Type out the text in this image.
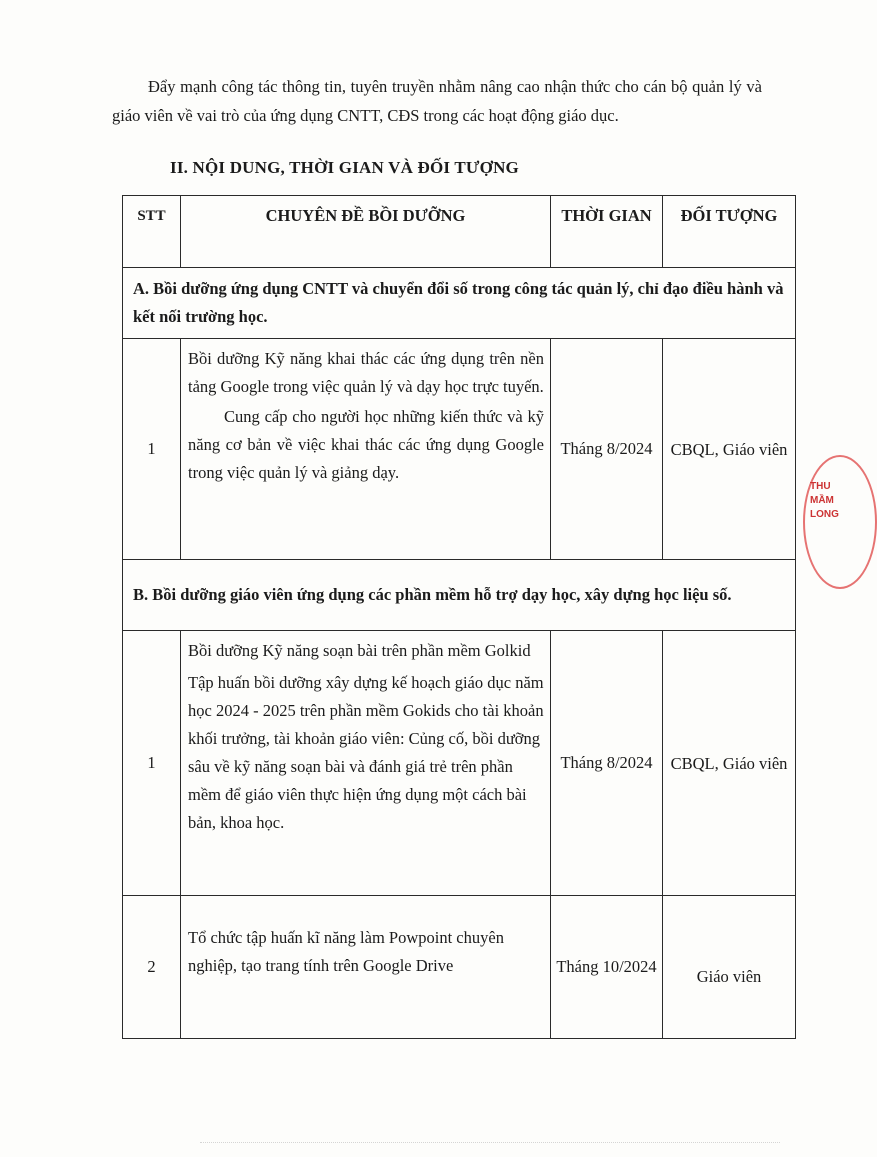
Đẩy mạnh công tác thông tin, tuyên truyền nhằm nâng cao nhận thức cho cán bộ quản lý và giáo viên về vai trò của ứng dụng CNTT, CĐS trong các hoạt động giáo dục.

II. NỘI DUNG, THỜI GIAN VÀ ĐỐI TƯỢNG
STT	CHUYÊN ĐỀ BỒI DƯỠNG	THỜI GIAN	ĐỐI TƯỢNG
A. Bồi dưỡng ứng dụng CNTT và chuyển đổi số trong công tác quản lý, chỉ đạo điều hành và kết nối trường học.			
1	Bồi dưỡng Kỹ năng khai thác các ứng dụng trên nền tảng Google trong việc quản lý và dạy học trực tuyến.

Cung cấp cho người học những kiến thức và kỹ năng cơ bản về việc khai thác các ứng dụng Google trong việc quản lý và giảng dạy.	Tháng 8/2024	CBQL, Giáo viên
B. Bồi dưỡng giáo viên ứng dụng các phần mềm hỗ trợ dạy học, xây dựng học liệu số.			
1	Bồi dưỡng Kỹ năng soạn bài trên phần mềm Golkid

Tập huấn bồi dưỡng xây dựng kế hoạch giáo dục năm học 2024 - 2025 trên phần mềm Gokids cho tài khoản khối trưởng, tài khoản giáo viên: Củng cố, bồi dưỡng sâu về kỹ năng soạn bài và đánh giá trẻ trên phần mềm để giáo viên thực hiện ứng dụng một cách bài bản, khoa học.	Tháng 8/2024	CBQL, Giáo viên
2	Tổ chức tập huấn kĩ năng làm Powpoint chuyên nghiệp, tạo trang tính trên Google Drive	Tháng 10/2024	Giáo viên
THU
MẦM
LONG
